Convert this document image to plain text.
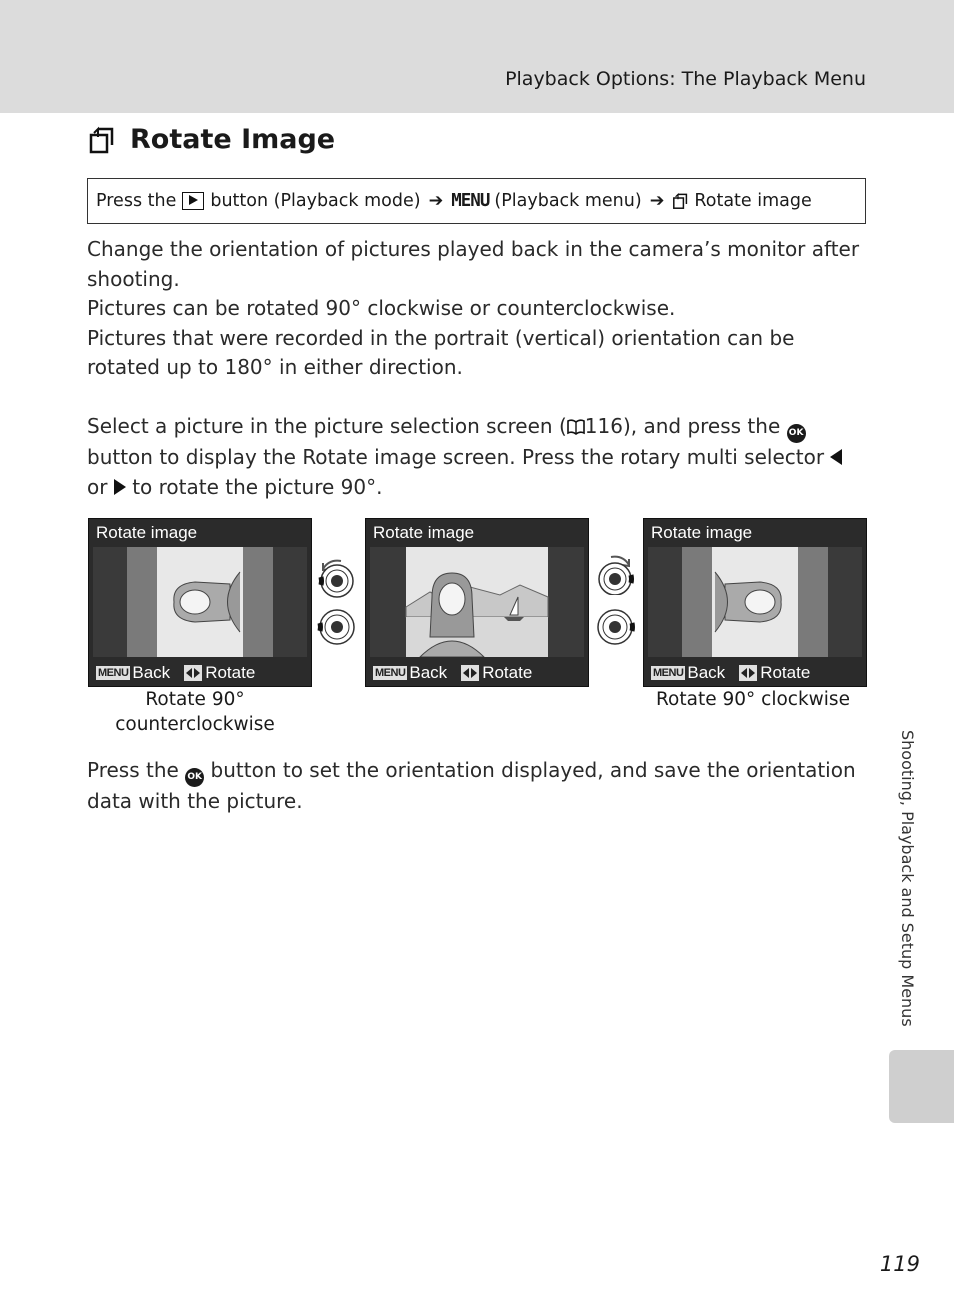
Playback Options: The Playback Menu
Rotate Image
Press the button (Playback mode) ➔ MENU (Playback menu) ➔ Rotate image
Change the orientation of pictures played back in the camera’s monitor after shooting.
Pictures can be rotated 90° clockwise or counterclockwise.
Pictures that were recorded in the portrait (vertical) orientation can be rotated up to 180° in either direction.
Select a picture in the picture selection screen ( 116), and press the OK button to display the Rotate image screen. Press the rotary multi selector  or to rotate the picture 90°.
Rotate image
MENU Back Rotate
Rotate image
MENU Back Rotate
Rotate image
MENU Back Rotate
Rotate 90°
counterclockwise
Rotate 90° clockwise
Press the OK button to set the orientation displayed, and save the orientation data with the picture.	Shooting, Playback and Setup Menus
119
